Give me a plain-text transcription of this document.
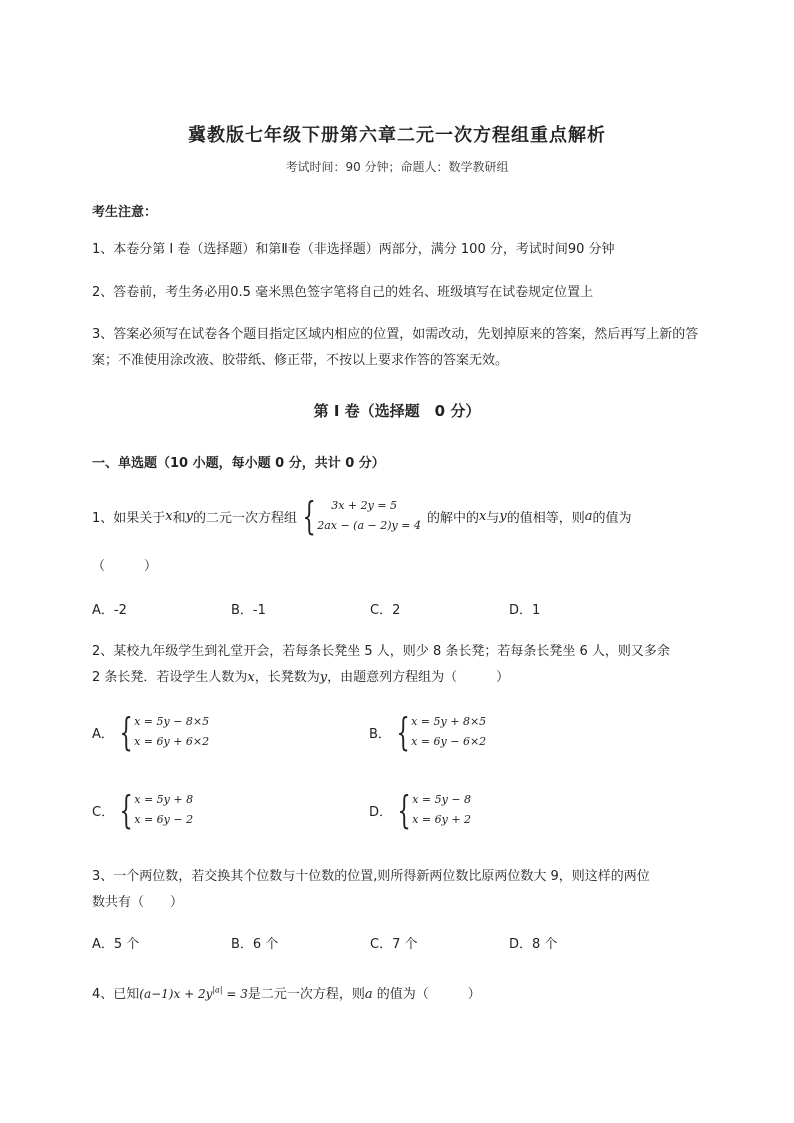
冀教版七年级下册第六章二元一次方程组重点解析
考试时间：90 分钟；命题人：数学教研组
考生注意：
1、本卷分第 I 卷（选择题）和第Ⅱ卷（非选择题）两部分，满分 100 分，考试时间90 分钟
2、答卷前，考生务必用0.5 毫米黑色签字笔将自己的姓名、班级填写在试卷规定位置上
3、答案必须写在试卷各个题目指定区域内相应的位置，如需改动，先划掉原来的答案，然后再写上新的答案；不准使用涂改液、胶带纸、修正带，不按以上要求作答的答案无效。
第 I 卷（选择题　0 分）
一、单选题（10 小题，每小题 0 分，共计 0 分）
1、如果关于 x 和 y 的二元一次方程组 {	3x + 2y = 5
2ax − (a − 2)y = 4 的解中的 x 与 y 的值相等，则 a 的值为
（　　　）
A．-2	B．-1	C．2	D．1
2、某校九年级学生到礼堂开会，若每条长凳坐 5 人，则少 8 条长凳；若每条长凳坐 6 人，则又多余
2 条长凳．若设学生人数为x，长凳数为y，由题意列方程组为（　　　）
A． { x = 5y − 8×5
x = 6y + 6×2	B． { x = 5y + 8×5
x = 6y − 6×2
C． { x = 5y + 8
x = 6y − 2	D． { x = 5y − 8
x = 6y + 2
3、一个两位数，若交换其个位数与十位数的位置,则所得新两位数比原两位数大 9，则这样的两位
数共有（　　）
A．5 个	B．6 个	C．7 个	D．8 个
4、已知$(a-1)x + 2y^{|a|} = 3$是二元一次方程，则a 的值为（　　　）
